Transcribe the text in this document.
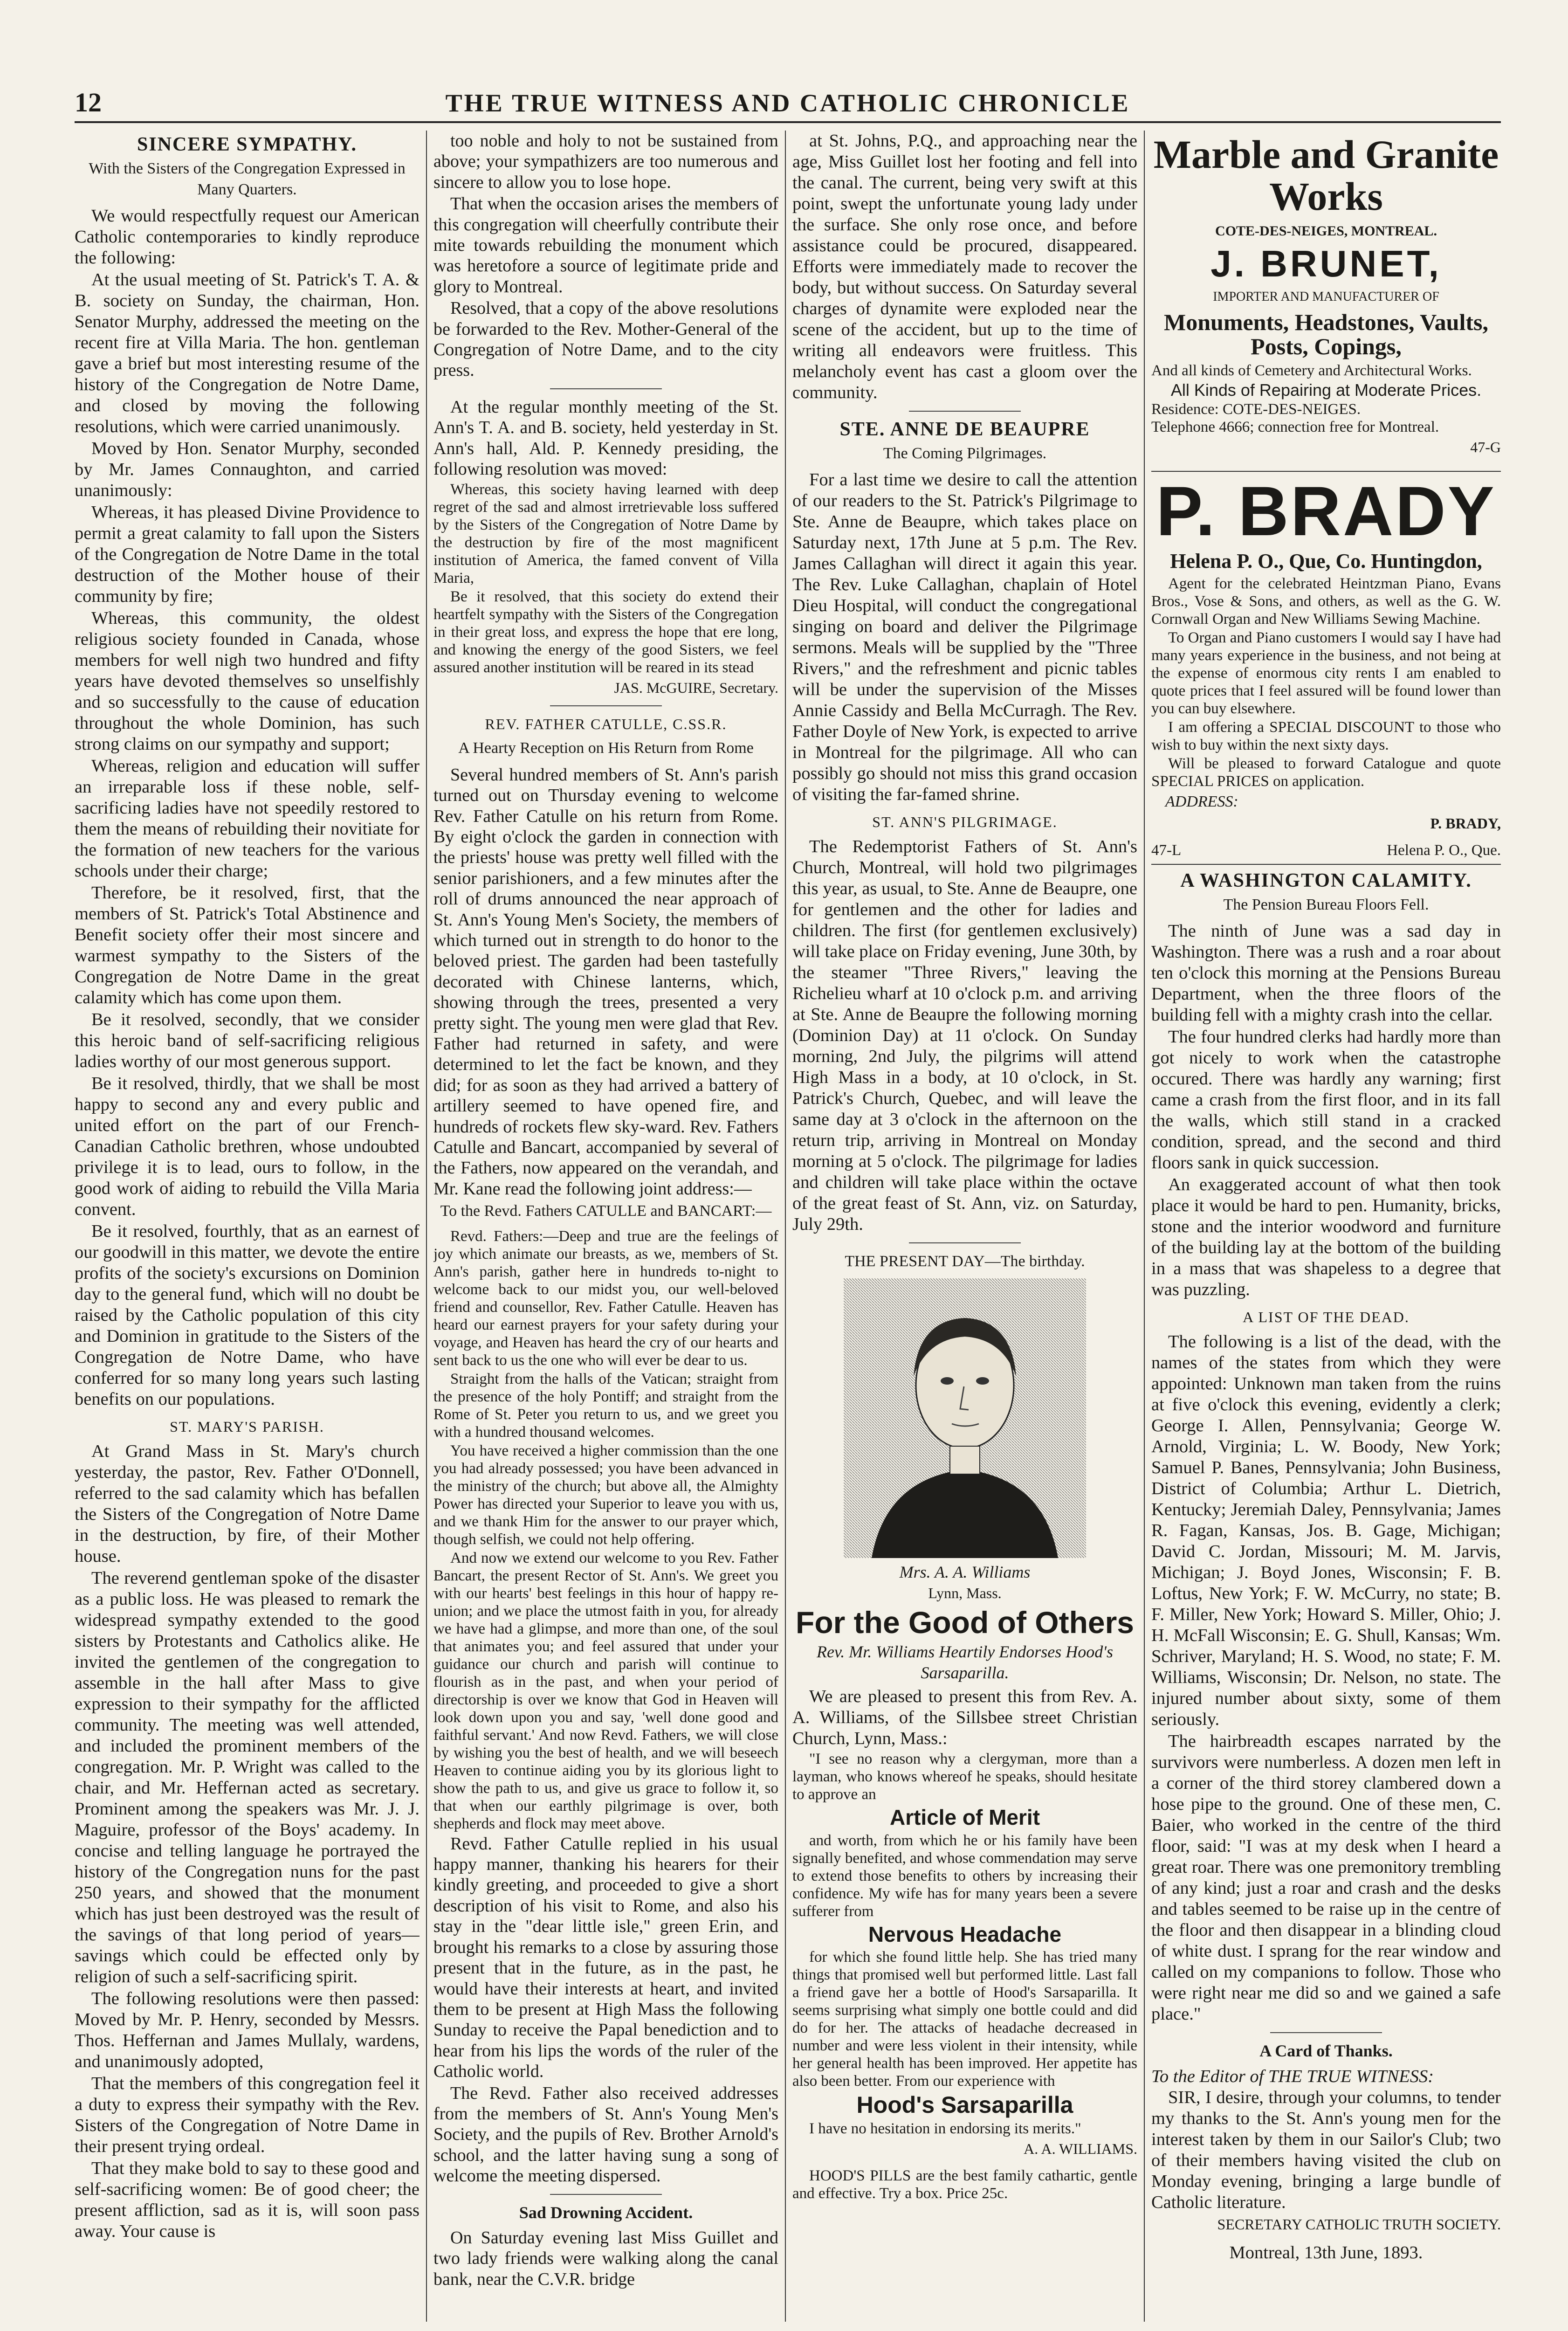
12	THE TRUE WITNESS AND CATHOLIC CHRONICLE
SINCERE SYMPATHY.
With the Sisters of the Congregation Expressed in Many Quarters.

We would respectfully request our American Catholic contemporaries to kindly reproduce the following:

At the usual meeting of St. Patrick's T. A. & B. society on Sunday, the chairman, Hon. Senator Murphy, addressed the meeting on the recent fire at Villa Maria. The hon. gentleman gave a brief but most interesting resume of the history of the Congregation de Notre Dame, and closed by moving the following resolutions, which were carried unanimously.

Moved by Hon. Senator Murphy, seconded by Mr. James Connaughton, and carried unanimously:

Whereas, it has pleased Divine Providence to permit a great calamity to fall upon the Sisters of the Congregation de Notre Dame in the total destruction of the Mother house of their community by fire;

Whereas, this community, the oldest religious society founded in Canada, whose members for well nigh two hundred and fifty years have devoted themselves so unselfishly and so successfully to the cause of education throughout the whole Dominion, has such strong claims on our sympathy and support;

Whereas, religion and education will suffer an irreparable loss if these noble, self-sacrificing ladies have not speedily restored to them the means of rebuilding their novitiate for the formation of new teachers for the various schools under their charge;

Therefore, be it resolved, first, that the members of St. Patrick's Total Abstinence and Benefit society offer their most sincere and warmest sympathy to the Sisters of the Congregation de Notre Dame in the great calamity which has come upon them.

Be it resolved, secondly, that we consider this heroic band of self-sacrificing religious ladies worthy of our most generous support.

Be it resolved, thirdly, that we shall be most happy to second any and every public and united effort on the part of our French-Canadian Catholic brethren, whose undoubted privilege it is to lead, ours to follow, in the good work of aiding to rebuild the Villa Maria convent.

Be it resolved, fourthly, that as an earnest of our goodwill in this matter, we devote the entire profits of the society's excursions on Dominion day to the general fund, which will no doubt be raised by the Catholic population of this city and Dominion in gratitude to the Sisters of the Congregation de Notre Dame, who have conferred for so many long years such lasting benefits on our populations.

ST. MARY'S PARISH.

At Grand Mass in St. Mary's church yesterday, the pastor, Rev. Father O'Donnell, referred to the sad calamity which has befallen the Sisters of the Congregation of Notre Dame in the destruction, by fire, of their Mother house.

The reverend gentleman spoke of the disaster as a public loss. He was pleased to remark the widespread sympathy extended to the good sisters by Protestants and Catholics alike. He invited the gentlemen of the congregation to assemble in the hall after Mass to give expression to their sympathy for the afflicted community. The meeting was well attended, and included the prominent members of the congregation. Mr. P. Wright was called to the chair, and Mr. Heffernan acted as secretary. Prominent among the speakers was Mr. J. J. Maguire, professor of the Boys' academy. In concise and telling language he portrayed the history of the Congregation nuns for the past 250 years, and showed that the monument which has just been destroyed was the result of the savings of that long period of years—savings which could be effected only by religion of such a self-sacrificing spirit.

The following resolutions were then passed: Moved by Mr. P. Henry, seconded by Messrs. Thos. Heffernan and James Mullaly, wardens, and unanimously adopted,

That the members of this congregation feel it a duty to express their sympathy with the Rev. Sisters of the Congregation of Notre Dame in their present trying ordeal.

That they make bold to say to these good and self-sacrificing women: Be of good cheer; the present affliction, sad as it is, will soon pass away. Your cause is

too noble and holy to not be sustained from above; your sympathizers are too numerous and sincere to allow you to lose hope.

That when the occasion arises the members of this congregation will cheerfully contribute their mite towards rebuilding the monument which was heretofore a source of legitimate pride and glory to Montreal.

Resolved, that a copy of the above resolutions be forwarded to the Rev. Mother-General of the Congregation of Notre Dame, and to the city press.

At the regular monthly meeting of the St. Ann's T. A. and B. society, held yesterday in St. Ann's hall, Ald. P. Kennedy presiding, the following resolution was moved:

Whereas, this society having learned with deep regret of the sad and almost irretrievable loss suffered by the Sisters of the Congregation of Notre Dame by the destruction by fire of the most magnificent institution of America, the famed convent of Villa Maria,

Be it resolved, that this society do extend their heartfelt sympathy with the Sisters of the Congregation in their great loss, and express the hope that ere long, and knowing the energy of the good Sisters, we feel assured another institution will be reared in its stead

JAS. McGUIRE, Secretary.
REV. FATHER CATULLE, C.SS.R.
A Hearty Reception on His Return from Rome

Several hundred members of St. Ann's parish turned out on Thursday evening to welcome Rev. Father Catulle on his return from Rome. By eight o'clock the garden in connection with the priests' house was pretty well filled with the senior parishioners, and a few minutes after the roll of drums announced the near approach of St. Ann's Young Men's Society, the members of which turned out in strength to do honor to the beloved priest. The garden had been tastefully decorated with Chinese lanterns, which, showing through the trees, presented a very pretty sight. The young men were glad that Rev. Father had returned in safety, and were determined to let the fact be known, and they did; for as soon as they had arrived a battery of artillery seemed to have opened fire, and hundreds of rockets flew sky-ward. Rev. Fathers Catulle and Bancart, accompanied by several of the Fathers, now appeared on the verandah, and Mr. Kane read the following joint address:—

To the Revd. Fathers CATULLE and BANCART:—

Revd. Fathers:—Deep and true are the feelings of joy which animate our breasts, as we, members of St. Ann's parish, gather here in hundreds to-night to welcome back to our midst you, our well-beloved friend and counsellor, Rev. Father Catulle. Heaven has heard our earnest prayers for your safety during your voyage, and Heaven has heard the cry of our hearts and sent back to us the one who will ever be dear to us.

Straight from the halls of the Vatican; straight from the presence of the holy Pontiff; and straight from the Rome of St. Peter you return to us, and we greet you with a hundred thousand welcomes.

You have received a higher commission than the one you had already possessed; you have been advanced in the ministry of the church; but above all, the Almighty Power has directed your Superior to leave you with us, and we thank Him for the answer to our prayer which, though selfish, we could not help offering.

And now we extend our welcome to you Rev. Father Bancart, the present Rector of St. Ann's. We greet you with our hearts' best feelings in this hour of happy re-union; and we place the utmost faith in you, for already we have had a glimpse, and more than one, of the soul that animates you; and feel assured that under your guidance our church and parish will continue to flourish as in the past, and when your period of directorship is over we know that God in Heaven will look down upon you and say, 'well done good and faithful servant.' And now Revd. Fathers, we will close by wishing you the best of health, and we will beseech Heaven to continue aiding you by its glorious light to show the path to us, and give us grace to follow it, so that when our earthly pilgrimage is over, both shepherds and flock may meet above.

Revd. Father Catulle replied in his usual happy manner, thanking his hearers for their kindly greeting, and proceeded to give a short description of his visit to Rome, and also his stay in the "dear little isle," green Erin, and brought his remarks to a close by assuring those present that in the future, as in the past, he would have their interests at heart, and invited them to be present at High Mass the following Sunday to receive the Papal benediction and to hear from his lips the words of the ruler of the Catholic world.

The Revd. Father also received addresses from the members of St. Ann's Young Men's Society, and the pupils of Rev. Brother Arnold's school, and the latter having sung a song of welcome the meeting dispersed.

Sad Drowning Accident.

On Saturday evening last Miss Guillet and two lady friends were walking along the canal bank, near the C.V.R. bridge

at St. Johns, P.Q., and approaching near the age, Miss Guillet lost her footing and fell into the canal. The current, being very swift at this point, swept the unfortunate young lady under the surface. She only rose once, and before assistance could be procured, disappeared. Efforts were immediately made to recover the body, but without success. On Saturday several charges of dynamite were exploded near the scene of the accident, but up to the time of writing all endeavors were fruitless. This melancholy event has cast a gloom over the community.

STE. ANNE DE BEAUPRE
The Coming Pilgrimages.

For a last time we desire to call the attention of our readers to the St. Patrick's Pilgrimage to Ste. Anne de Beaupre, which takes place on Saturday next, 17th June at 5 p.m. The Rev. James Callaghan will direct it again this year. The Rev. Luke Callaghan, chaplain of Hotel Dieu Hospital, will conduct the congregational singing on board and deliver the Pilgrimage sermons. Meals will be supplied by the "Three Rivers," and the refreshment and picnic tables will be under the supervision of the Misses Annie Cassidy and Bella McCurragh. The Rev. Father Doyle of New York, is expected to arrive in Montreal for the pilgrimage. All who can possibly go should not miss this grand occasion of visiting the far-famed shrine.

ST. ANN'S PILGRIMAGE.

The Redemptorist Fathers of St. Ann's Church, Montreal, will hold two pilgrimages this year, as usual, to Ste. Anne de Beaupre, one for gentlemen and the other for ladies and children. The first (for gentlemen exclusively) will take place on Friday evening, June 30th, by the steamer "Three Rivers," leaving the Richelieu wharf at 10 o'clock p.m. and arriving at Ste. Anne de Beaupre the following morning (Dominion Day) at 11 o'clock. On Sunday morning, 2nd July, the pilgrims will attend High Mass in a body, at 10 o'clock, in St. Patrick's Church, Quebec, and will leave the same day at 3 o'clock in the afternoon on the return trip, arriving in Montreal on Monday morning at 5 o'clock. The pilgrimage for ladies and children will take place within the octave of the great feast of St. Ann, viz. on Saturday, July 29th.

THE PRESENT DAY—The birthday.
Mrs. A. A. Williams
Lynn, Mass.
For the Good of Others
Rev. Mr. Williams Heartily Endorses Hood's Sarsaparilla.

We are pleased to present this from Rev. A. A. Williams, of the Sillsbee street Christian Church, Lynn, Mass.:

"I see no reason why a clergyman, more than a layman, who knows whereof he speaks, should hesitate to approve an

Article of Merit

and worth, from which he or his family have been signally benefited, and whose commendation may serve to extend those benefits to others by increasing their confidence. My wife has for many years been a severe sufferer from

Nervous Headache

for which she found little help. She has tried many things that promised well but performed little. Last fall a friend gave her a bottle of Hood's Sarsaparilla. It seems surprising what simply one bottle could and did do for her. The attacks of headache decreased in number and were less violent in their intensity, while her general health has been improved. Her appetite has also been better. From our experience with

Hood's Sarsaparilla

I have no hesitation in endorsing its merits."

A. A. WILLIAMS.

HOOD'S PILLS are the best family cathartic, gentle and effective. Try a box. Price 25c.

Marble and Granite Works
COTE-DES-NEIGES, MONTREAL.
J. BRUNET,
IMPORTER AND MANUFACTURER OF
Monuments, Headstones, Vaults, Posts, Copings,
And all kinds of Cemetery and Architectural Works.
All Kinds of Repairing at Moderate Prices.
Residence: COTE-DES-NEIGES.
Telephone 4666; connection free for Montreal.
47-G
P. BRADY
Helena P. O., Que, Co. Huntingdon,

Agent for the celebrated Heintzman Piano, Evans Bros., Vose & Sons, and others, as well as the G. W. Cornwall Organ and New Williams Sewing Machine.

To Organ and Piano customers I would say I have had many years experience in the business, and not being at the expense of enormous city rents I am enabled to quote prices that I feel assured will be found lower than you can buy elsewhere.

I am offering a SPECIAL DISCOUNT to those who wish to buy within the next sixty days.

Will be pleased to forward Catalogue and quote SPECIAL PRICES on application.

ADDRESS:
P. BRADY,
47-L	Helena P. O., Que.
A WASHINGTON CALAMITY.
The Pension Bureau Floors Fell.

The ninth of June was a sad day in Washington. There was a rush and a roar about ten o'clock this morning at the Pensions Bureau Department, when the three floors of the building fell with a mighty crash into the cellar.

The four hundred clerks had hardly more than got nicely to work when the catastrophe occured. There was hardly any warning; first came a crash from the first floor, and in its fall the walls, which still stand in a cracked condition, spread, and the second and third floors sank in quick succession.

An exaggerated account of what then took place it would be hard to pen. Humanity, bricks, stone and the interior woodword and furniture of the building lay at the bottom of the building in a mass that was shapeless to a degree that was puzzling.

A LIST OF THE DEAD.

The following is a list of the dead, with the names of the states from which they were appointed: Unknown man taken from the ruins at five o'clock this evening, evidently a clerk; George I. Allen, Pennsylvania; George W. Arnold, Virginia; L. W. Boody, New York; Samuel P. Banes, Pennsylvania; John Business, District of Columbia; Arthur L. Dietrich, Kentucky; Jeremiah Daley, Pennsylvania; James R. Fagan, Kansas, Jos. B. Gage, Michigan; David C. Jordan, Missouri; M. M. Jarvis, Michigan; J. Boyd Jones, Wisconsin; F. B. Loftus, New York; F. W. McCurry, no state; B. F. Miller, New York; Howard S. Miller, Ohio; J. H. McFall Wisconsin; E. G. Shull, Kansas; Wm. Schriver, Maryland; H. S. Wood, no state; F. M. Williams, Wisconsin; Dr. Nelson, no state. The injured number about sixty, some of them seriously.

The hairbreadth escapes narrated by the survivors were numberless. A dozen men left in a corner of the third storey clambered down a hose pipe to the ground. One of these men, C. Baier, who worked in the centre of the third floor, said: "I was at my desk when I heard a great roar. There was one premonitory trembling of any kind; just a roar and crash and the desks and tables seemed to be raise up in the centre of the floor and then disappear in a blinding cloud of white dust. I sprang for the rear window and called on my companions to follow. Those who were right near me did so and we gained a safe place."

A Card of Thanks.
To the Editor of THE TRUE WITNESS:

SIR, I desire, through your columns, to tender my thanks to the St. Ann's young men for the interest taken by them in our Sailor's Club; two of their members having visited the club on Monday evening, bringing a large bundle of Catholic literature.

SECRETARY CATHOLIC TRUTH SOCIETY.
Montreal, 13th June, 1893.
